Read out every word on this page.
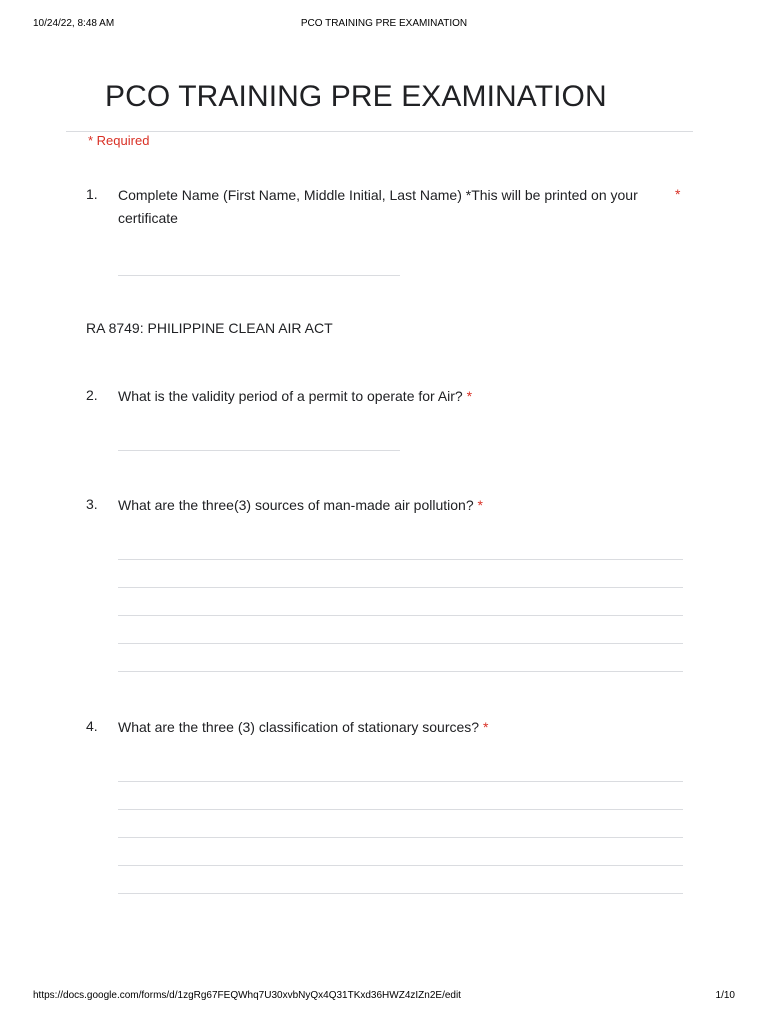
10/24/22, 8:48 AM	PCO TRAINING PRE EXAMINATION
PCO TRAINING PRE EXAMINATION
* Required
1. Complete Name (First Name, Middle Initial, Last Name) *This will be printed on your certificate
*
RA 8749: PHILIPPINE CLEAN AIR ACT
2. What is the validity period of a permit to operate for Air? *
3. What are the three(3) sources of man-made air pollution? *
4. What are the three (3) classification of stationary sources? *
https://docs.google.com/forms/d/1zgRg67FEQWhq7U30xvbNyQx4Q31TKxd36HWZ4zIZn2E/edit	1/10
